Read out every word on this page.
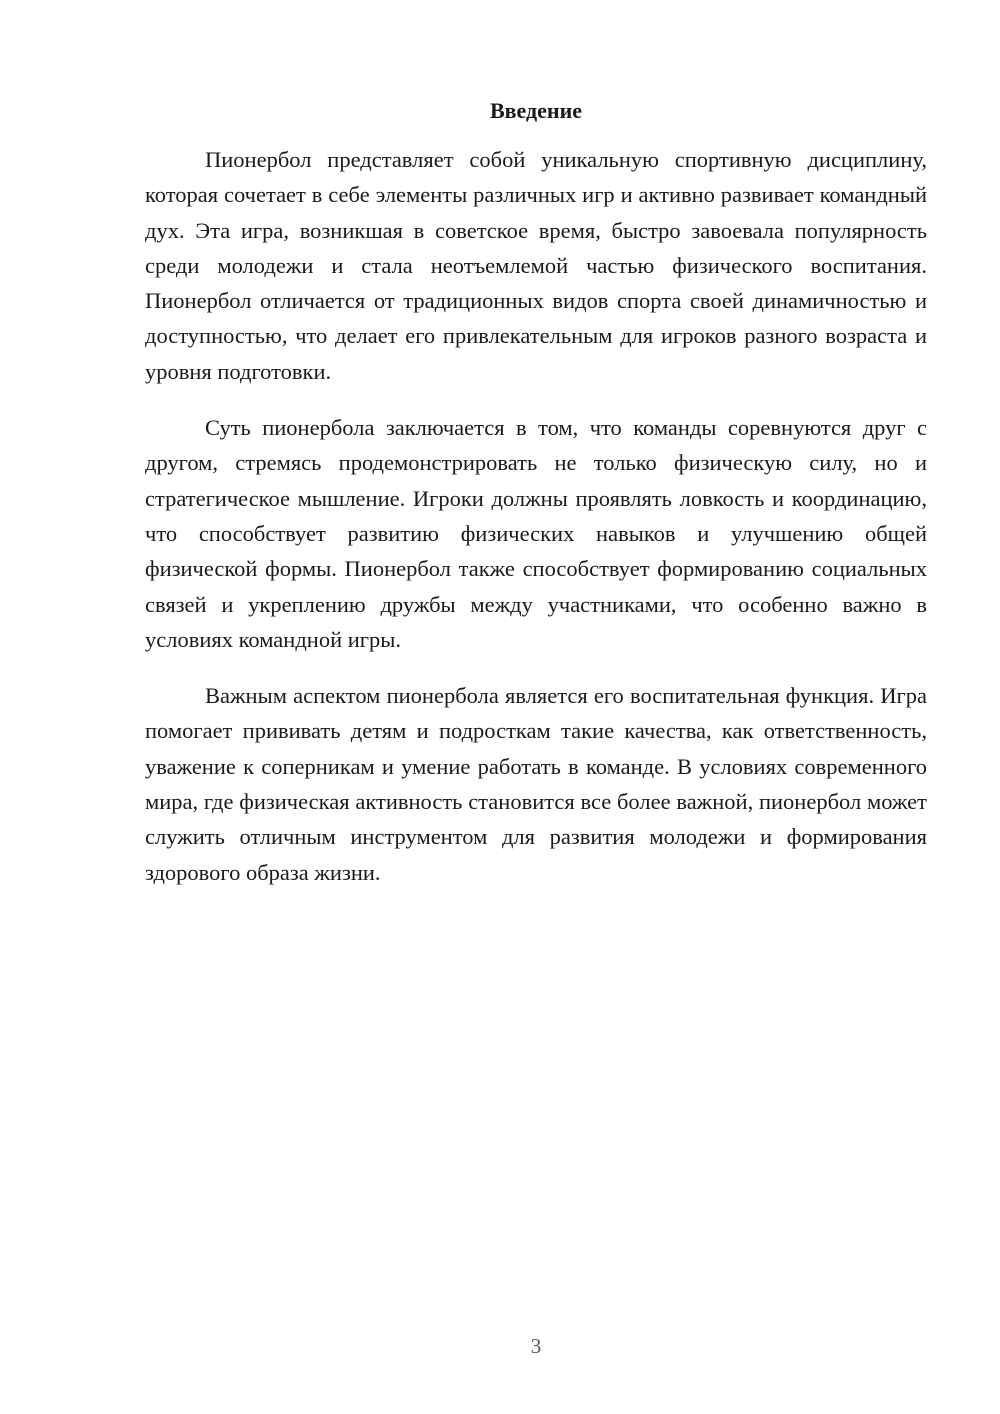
Введение

Пионербол представляет собой уникальную спортивную дисциплину, которая сочетает в себе элементы различных игр и активно развивает командный дух. Эта игра, возникшая в советское время, быстро завоевала популярность среди молодежи и стала неотъемлемой частью физического воспитания. Пионербол отличается от традиционных видов спорта своей динамичностью и доступностью, что делает его привлекательным для игроков разного возраста и уровня подготовки.

Суть пионербола заключается в том, что команды соревнуются друг с другом, стремясь продемонстрировать не только физическую силу, но и стратегическое мышление. Игроки должны проявлять ловкость и координацию, что способствует развитию физических навыков и улучшению общей физической формы. Пионербол также способствует формированию социальных связей и укреплению дружбы между участниками, что особенно важно в условиях командной игры.

Важным аспектом пионербола является его воспитательная функция. Игра помогает прививать детям и подросткам такие качества, как ответственность, уважение к соперникам и умение работать в команде. В условиях современного мира, где физическая активность становится все более важной, пионербол может служить отличным инструментом для развития молодежи и формирования здорового образа жизни.

3
